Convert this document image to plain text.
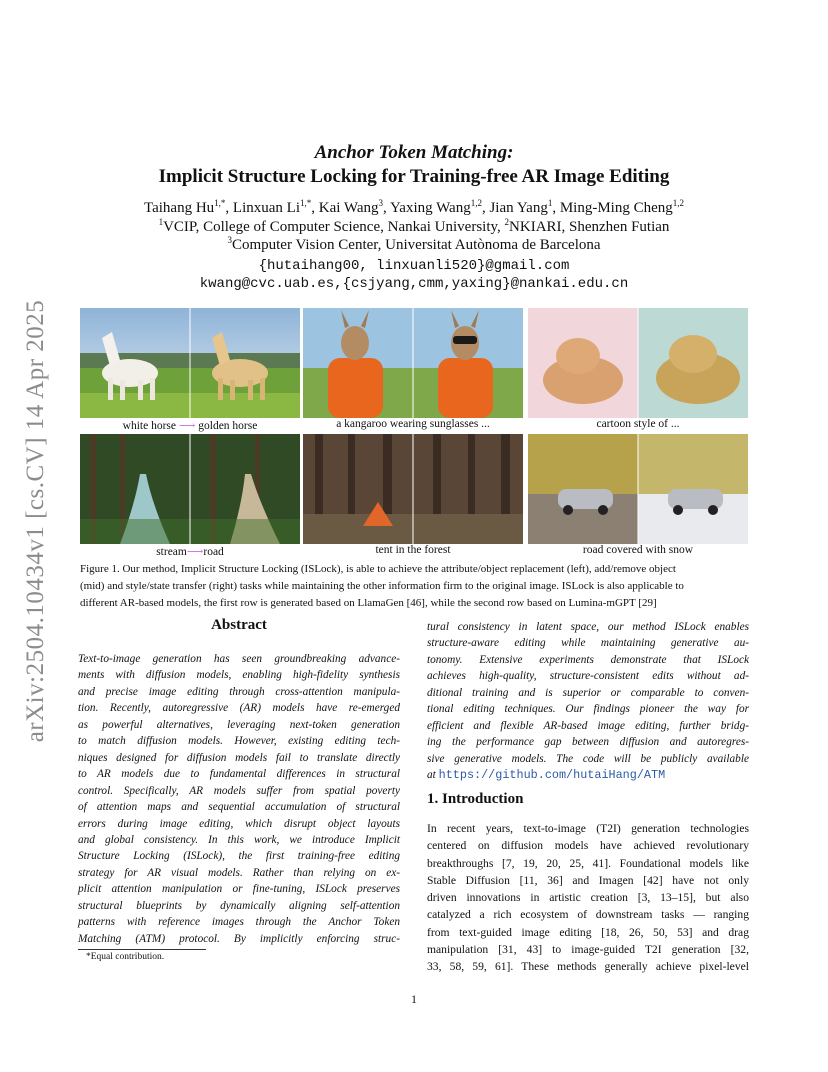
arXiv:2504.10434v1 [cs.CV] 14 Apr 2025
Anchor Token Matching:
Implicit Structure Locking for Training-free AR Image Editing
Taihang $Hu^{1,*}$, Linxuan $Li^{1,*}$, Kai Wang$^3$, Yaxing Wang$^{1,2}$, Jian Yang$^1$, Ming-Ming Cheng$^{1,2}$
$^1$VCIP, College of Computer Science, Nankai University, $^2$NKIARI, Shenzhen Futian
$^3$Computer Vision Center, Universitat Autònoma de Barcelona
{hutaihang00, linxuanli520}@gmail.com
kwang@cvc.uab.es,{csjyang,cmm,yaxing}@nankai.edu.cn
white horse ⟶ golden horse	a kangaroo wearing sunglasses ...	cartoon style of ...
stream⟶road	tent in the forest	road covered with snow
Figure 1. Our method, Implicit Structure Locking (ISLock), is able to achieve the attribute/object replacement (left), add/remove object
(mid) and style/state transfer (right) tasks while maintaining the other information firm to the original image. ISLock is also applicable to
different AR-based models, the first row is generated based on LlamaGen [46], while the second row based on Lumina-mGPT [29]
Abstract
Text-to-image generation has seen groundbreaking advance-
ments with diffusion models, enabling high-fidelity synthesis
and precise image editing through cross-attention manipula-
tion. Recently, autoregressive (AR) models have re-emerged
as powerful alternatives, leveraging next-token generation
to match diffusion models. However, existing editing tech-
niques designed for diffusion models fail to translate directly
to AR models due to fundamental differences in structural
control. Specifically, AR models suffer from spatial poverty
of attention maps and sequential accumulation of structural
errors during image editing, which disrupt object layouts
and global consistency. In this work, we introduce Implicit
Structure Locking (ISLock), the first training-free editing
strategy for AR visual models. Rather than relying on ex-
plicit attention manipulation or fine-tuning, ISLock preserves
structural blueprints by dynamically aligning self-attention
patterns with reference images through the Anchor Token
Matching (ATM) protocol. By implicitly enforcing struc-
tural consistency in latent space, our method ISLock enables
structure-aware editing while maintaining generative au-
tonomy. Extensive experiments demonstrate that ISLock
achieves high-quality, structure-consistent edits without ad-
ditional training and is superior or comparable to conven-
tional editing techniques. Our findings pioneer the way for
efficient and flexible AR-based image editing, further bridg-
ing the performance gap between diffusion and autoregres-
sive generative models. The code will be publicly available
at https://github.com/hutaiHang/ATM
1. Introduction
In recent years, text-to-image (T2I) generation technologies
centered on diffusion models have achieved revolutionary
breakthroughs [7, 19, 20, 25, 41]. Foundational models like
Stable Diffusion [11, 36] and Imagen [42] have not only
driven innovations in artistic creation [3, 13–15], but also
catalyzed a rich ecosystem of downstream tasks — ranging
from text-guided image editing [18, 26, 50, 53] and drag
manipulation [31, 43] to image-guided T2I generation [32,
33, 58, 59, 61]. These methods generally achieve pixel-level
*Equal contribution.
1
